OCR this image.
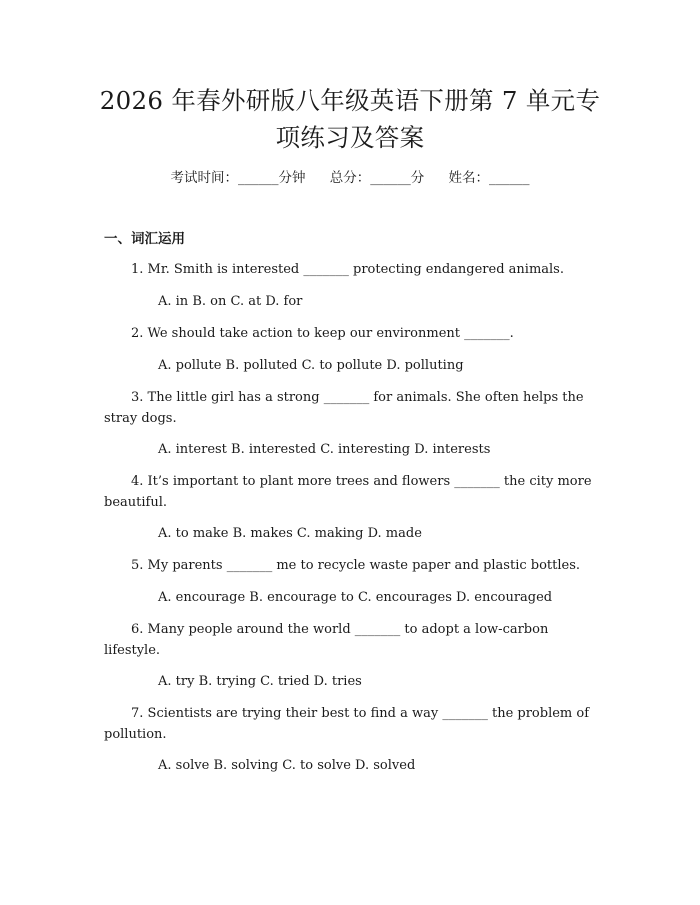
2026 年春外研版八年级英语下册第 7 单元专
项练习及答案
考试时间：______分钟 总分：______分 姓名：______
一、词汇运用
1. Mr. Smith is interested _______ protecting endangered animals.
A. in B. on C. at D. for
2. We should take action to keep our environment _______.
A. pollute B. polluted C. to pollute D. polluting
3. The little girl has a strong _______ for animals. She often helps the stray dogs.
A. interest B. interested C. interesting D. interests
4. It’s important to plant more trees and flowers _______ the city more beautiful.
A. to make B. makes C. making D. made
5. My parents _______ me to recycle waste paper and plastic bottles.
A. encourage B. encourage to C. encourages D. encouraged
6. Many people around the world _______ to adopt a low-carbon lifestyle.
A. try B. trying C. tried D. tries
7. Scientists are trying their best to find a way _______ the problem of pollution.
A. solve B. solving C. to solve D. solved
